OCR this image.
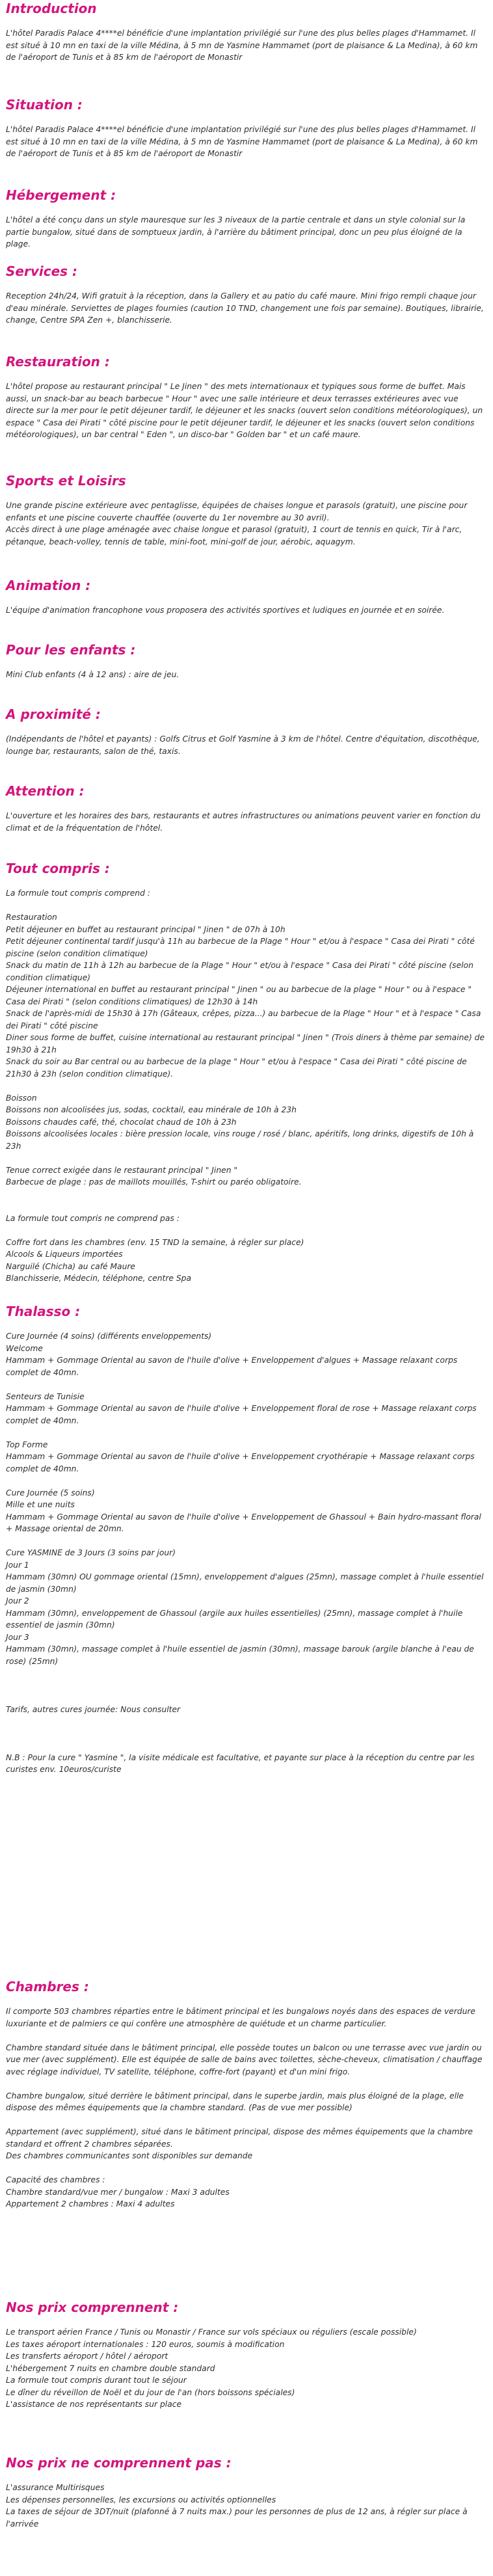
Introduction
L'hôtel Paradis Palace 4****el bénéficie d'une implantation privilégié sur l'une des plus belles plages d'Hammamet. Il est situé à 10 mn en taxi de la ville Médina, à 5 mn de Yasmine Hammamet (port de plaisance & La Medina), à 60 km de l'aéroport de Tunis et à 85 km de l'aéroport de Monastir
Situation :
L'hôtel Paradis Palace 4****el bénéficie d'une implantation privilégié sur l'une des plus belles plages d'Hammamet. Il est situé à 10 mn en taxi de la ville Médina, à 5 mn de Yasmine Hammamet (port de plaisance & La Medina), à 60 km de l'aéroport de Tunis et à 85 km de l'aéroport de Monastir
Hébergement :
L'hôtel a été conçu dans un style mauresque sur les 3 niveaux de la partie centrale et dans un style colonial sur la partie bungalow, situé dans de somptueux jardin, à l'arrière du bâtiment principal, donc un peu plus éloigné de la plage.
Services :
Reception 24h/24, Wifi gratuit à la réception, dans la Gallery et au patio du café maure. Mini frigo rempli chaque jour d'eau minérale. Serviettes de plages fournies (caution 10 TND, changement une fois par semaine). Boutiques, librairie, change, Centre SPA Zen +, blanchisserie.
Restauration :
L'hôtel propose au restaurant principal " Le Jinen " des mets internationaux et typiques sous forme de buffet. Mais aussi, un snack-bar au beach barbecue " Hour " avec une salle intérieure et deux terrasses extérieures avec vue directe sur la mer pour le petit déjeuner tardif, le déjeuner et les snacks (ouvert selon conditions météorologiques), un espace " Casa dei Pirati " côté piscine pour le petit déjeuner tardif, le déjeuner et les snacks (ouvert selon conditions météorologiques), un bar central " Eden ", un disco-bar " Golden bar " et un café maure.
Sports et Loisirs
Une grande piscine extérieure avec pentaglisse, équipées de chaises longue et parasols (gratuit), une piscine pour enfants et une piscine couverte chauffée (ouverte du 1er novembre au 30 avril).
Accès direct à une plage aménagée avec chaise longue et parasol (gratuit), 1 court de tennis en quick, Tir à l'arc, pétanque, beach-volley, tennis de table, mini-foot, mini-golf de jour, aérobic, aquagym.
Animation :
L'équipe d'animation francophone vous proposera des activités sportives et ludiques en journée et en soirée.
Pour les enfants :
Mini Club enfants (4 à 12 ans) : aire de jeu.
A proximité :
(Indépendants de l'hôtel et payants) : Golfs Citrus et Golf Yasmine à 3 km de l'hôtel. Centre d'équitation, discothèque, lounge bar, restaurants, salon de thé, taxis.
Attention :
L'ouverture et les horaires des bars, restaurants et autres infrastructures ou animations peuvent varier en fonction du climat et de la fréquentation de l'hôtel.
Tout compris :
La formule tout compris comprend :
Restauration
Petit déjeuner en buffet au restaurant principal " Jinen " de 07h à 10h
Petit déjeuner continental tardif jusqu'à 11h au barbecue de la Plage " Hour " et/ou à l'espace " Casa dei Pirati " côté piscine (selon condition climatique)
Snack du matin de 11h à 12h au barbecue de la Plage " Hour " et/ou à l'espace " Casa dei Pirati " côté piscine (selon condition climatique)
Déjeuner international en buffet au restaurant principal " Jinen " ou au barbecue de la plage " Hour " ou à l'espace " Casa dei Pirati " (selon conditions climatiques) de 12h30 à 14h
Snack de l'après-midi de 15h30 à 17h (Gâteaux, crêpes, pizza...) au barbecue de la Plage " Hour " et à l'espace " Casa dei Pirati " côté piscine
Diner sous forme de buffet, cuisine international au restaurant principal " Jinen " (Trois diners à thème par semaine) de 19h30 à 21h
Snack du soir au Bar central ou au barbecue de la plage " Hour " et/ou à l'espace " Casa dei Pirati " côté piscine de 21h30 à 23h (selon condition climatique).
Boisson
Boissons non alcoolisées jus, sodas, cocktail, eau minérale de 10h à 23h
Boissons chaudes café, thé, chocolat chaud de 10h à 23h
Boissons alcoolisées locales : bière pression locale, vins rouge / rosé / blanc, apéritifs, long drinks, digestifs de 10h à 23h
Tenue correct exigée dans le restaurant principal " Jinen "
Barbecue de plage : pas de maillots mouillés, T-shirt ou paréo obligatoire.
La formule tout compris ne comprend pas :
Coffre fort dans les chambres (env. 15 TND la semaine, à régler sur place)
Alcools & Liqueurs importées
Narguilé (Chicha) au café Maure
Blanchisserie, Médecin, téléphone, centre Spa
Thalasso :
Cure Journée (4 soins) (différents enveloppements)
Welcome
Hammam + Gommage Oriental au savon de l'huile d'olive + Enveloppement d'algues + Massage relaxant corps complet de 40mn.
Senteurs de Tunisie
Hammam + Gommage Oriental au savon de l'huile d'olive + Enveloppement floral de rose + Massage relaxant corps complet de 40mn.
Top Forme
Hammam + Gommage Oriental au savon de l'huile d'olive + Enveloppement cryothérapie + Massage relaxant corps complet de 40mn.
Cure Journée (5 soins)
Mille et une nuits
Hammam + Gommage Oriental au savon de l'huile d'olive + Enveloppement de Ghassoul + Bain hydro-massant floral + Massage oriental de 20mn.
Cure YASMINE de 3 Jours (3 soins par jour)
Jour 1
Hammam (30mn) OU gommage oriental (15mn), enveloppement d'algues (25mn), massage complet à l'huile essentiel de jasmin (30mn)
Jour 2
Hammam (30mn), enveloppement de Ghassoul (argile aux huiles essentielles) (25mn), massage complet à l'huile essentiel de jasmin (30mn)
Jour 3
Hammam (30mn), massage complet à l'huile essentiel de jasmin (30mn), massage barouk (argile blanche à l'eau de rose) (25mn)
Tarifs, autres cures journée: Nous consulter
N.B : Pour la cure " Yasmine ", la visite médicale est facultative, et payante sur place à la réception du centre par les curistes env. 10euros/curiste
Chambres :
Il comporte 503 chambres réparties entre le bâtiment principal et les bungalows noyés dans des espaces de verdure luxuriante et de palmiers ce qui confère une atmosphère de quiétude et un charme particulier.
Chambre standard située dans le bâtiment principal, elle possède toutes un balcon ou une terrasse avec vue jardin ou vue mer (avec supplément). Elle est équipée de salle de bains avec toilettes, sèche-cheveux, climatisation / chauffage avec réglage individuel, TV satellite, téléphone, coffre-fort (payant) et d'un mini frigo.
Chambre bungalow, situé derrière le bâtiment principal, dans le superbe jardin, mais plus éloigné de la plage, elle dispose des mêmes équipements que la chambre standard. (Pas de vue mer possible)
Appartement (avec supplément), situé dans le bâtiment principal, dispose des mêmes équipements que la chambre standard et offrent 2 chambres séparées.
Des chambres communicantes sont disponibles sur demande
Capacité des chambres :
Chambre standard/vue mer / bungalow : Maxi 3 adultes
Appartement 2 chambres : Maxi 4 adultes
Nos prix comprennent :
Le transport aérien France / Tunis ou Monastir / France sur vols spéciaux ou réguliers (escale possible)
Les taxes aéroport internationales : 120 euros, soumis à modification
Les transferts aéroport / hôtel / aéroport
L'hébergement 7 nuits en chambre double standard
La formule tout compris durant tout le séjour
Le dîner du réveillon de Noël et du jour de l'an (hors boissons spéciales)
L'assistance de nos représentants sur place
Nos prix ne comprennent pas :
L'assurance Multirisques
Les dépenses personnelles, les excursions ou activités optionnelles
La taxes de séjour de 3DT/nuit (plafonné à 7 nuits max.) pour les personnes de plus de 12 ans, à régler sur place à l'arrivée
